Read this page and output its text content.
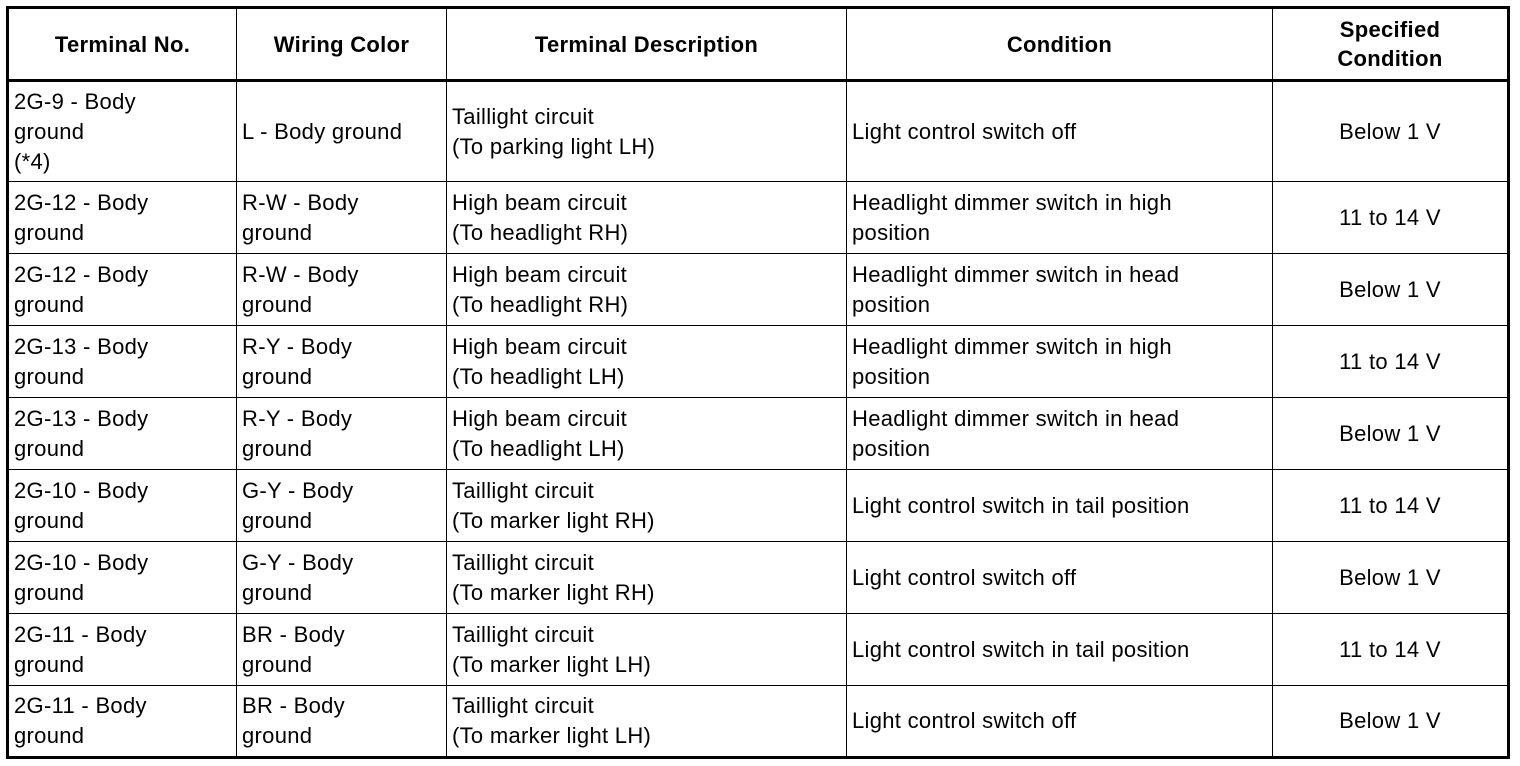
Terminal No.	Wiring Color	Terminal Description	Condition	Specified
Condition

2G-9 - Body
ground
(*4)	L - Body ground	Taillight circuit
(To parking light LH)	Light control switch off	Below 1 V

2G-12 - Body
ground	R-W - Body
ground	High beam circuit
(To headlight RH)	Headlight dimmer switch in high
position	11 to 14 V

2G-12 - Body
ground	R-W - Body
ground	High beam circuit
(To headlight RH)	Headlight dimmer switch in head
position	Below 1 V

2G-13 - Body
ground	R-Y - Body
ground	High beam circuit
(To headlight LH)	Headlight dimmer switch in high
position	11 to 14 V

2G-13 - Body
ground	R-Y - Body
ground	High beam circuit
(To headlight LH)	Headlight dimmer switch in head
position	Below 1 V

2G-10 - Body
ground	G-Y - Body
ground	Taillight circuit
(To marker light RH)	Light control switch in tail position	11 to 14 V

2G-10 - Body
ground	G-Y - Body
ground	Taillight circuit
(To marker light RH)	Light control switch off	Below 1 V

2G-11 - Body
ground	BR - Body
ground	Taillight circuit
(To marker light LH)	Light control switch in tail position	11 to 14 V

2G-11 - Body
ground	BR - Body
ground	Taillight circuit
(To marker light LH)	Light control switch off	Below 1 V
